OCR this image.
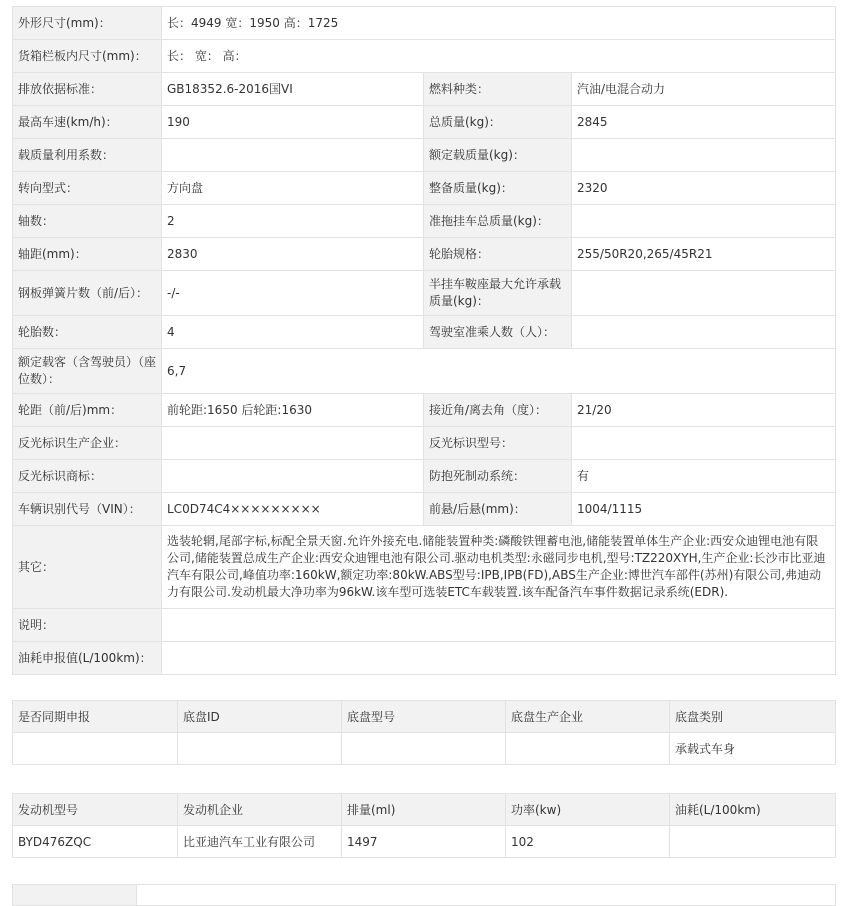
外形尺寸(mm)：	长：4949 宽：1950 高：1725		
货箱栏板内尺寸(mm)：	长： 宽： 高：		
排放依据标准：	GB18352.6-2016国VI	燃料种类：	汽油/电混合动力
最高车速(km/h)：	190	总质量(kg)：	2845
载质量利用系数：		额定载质量(kg)：	
转向型式：	方向盘	整备质量(kg)：	2320
轴数：	2	准拖挂车总质量(kg)：	
轴距(mm)：	2830	轮胎规格：	255/50R20,265/45R21
钢板弹簧片数（前/后）：	-/-	半挂车鞍座最大允许承载质量(kg)：	
轮胎数：	4	驾驶室准乘人数（人）：	
额定载客（含驾驶员）（座位数）：	6,7		
轮距（前/后)mm：	前轮距:1650 后轮距:1630	接近角/离去角（度）：	21/20
反光标识生产企业：		反光标识型号：	
反光标识商标：		防抱死制动系统：	有
车辆识别代号（VIN）：	LC0D74C4×××××××××	前悬/后悬(mm)：	1004/1115
其它：	选装轮辋,尾部字标,标配全景天窗.允许外接充电.储能装置种类:磷酸铁锂蓄电池,储能装置单体生产企业:西安众迪锂电池有限公司,储能装置总成生产企业:西安众迪锂电池有限公司.驱动电机类型:永磁同步电机,型号:TZ220XYH,生产企业:长沙市比亚迪汽车有限公司,峰值功率:160kW,额定功率:80kW.ABS型号:IPB,IPB(FD),ABS生产企业:博世汽车部件(苏州)有限公司,弗迪动力有限公司.发动机最大净功率为96kW.该车型可选装ETC车载装置.该车配备汽车事件数据记录系统(EDR).		
说明：			
油耗申报值(L/100km)：			
是否同期申报	底盘ID	底盘型号	底盘生产企业	底盘类别
				承载式车身
发动机型号	发动机企业	排量(ml)	功率(kw)	油耗(L/100km)
BYD476ZQC	比亚迪汽车工业有限公司	1497	102	
